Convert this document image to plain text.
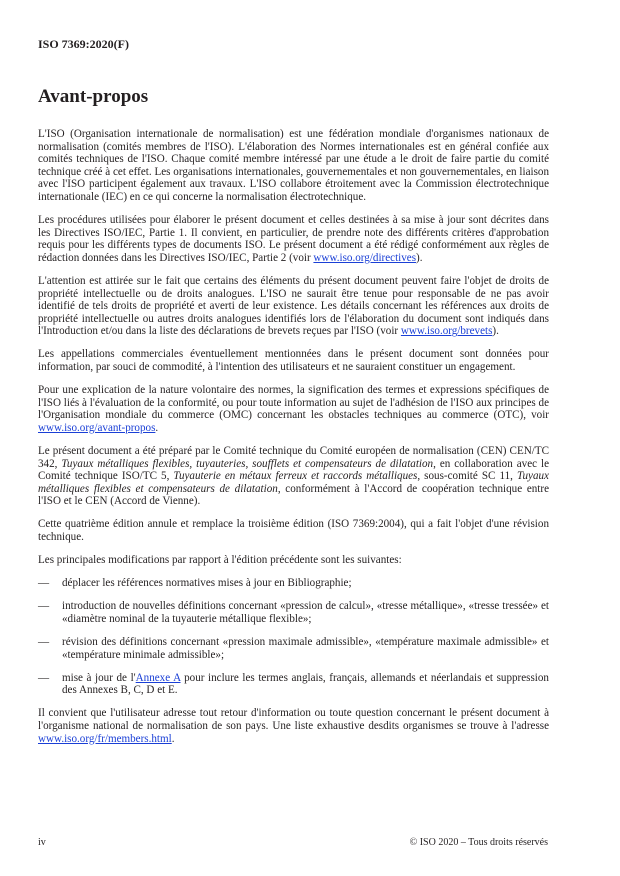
ISO 7369:2020(F)
Avant-propos

L'ISO (Organisation internationale de normalisation) est une fédération mondiale d'organismes nationaux de normalisation (comités membres de l'ISO). L'élaboration des Normes internationales est en général confiée aux comités techniques de l'ISO. Chaque comité membre intéressé par une étude a le droit de faire partie du comité technique créé à cet effet. Les organisations internationales, gouvernementales et non gouvernementales, en liaison avec l'ISO participent également aux travaux. L'ISO collabore étroitement avec la Commission électrotechnique internationale (IEC) en ce qui concerne la normalisation électrotechnique.

Les procédures utilisées pour élaborer le présent document et celles destinées à sa mise à jour sont décrites dans les Directives ISO/IEC, Partie 1. Il convient, en particulier, de prendre note des différents critères d'approbation requis pour les différents types de documents ISO. Le présent document a été rédigé conformément aux règles de rédaction données dans les Directives ISO/IEC, Partie 2 (voir www.iso.org/directives).

L'attention est attirée sur le fait que certains des éléments du présent document peuvent faire l'objet de droits de propriété intellectuelle ou de droits analogues. L'ISO ne saurait être tenue pour responsable de ne pas avoir identifié de tels droits de propriété et averti de leur existence. Les détails concernant les références aux droits de propriété intellectuelle ou autres droits analogues identifiés lors de l'élaboration du document sont indiqués dans l'Introduction et/ou dans la liste des déclarations de brevets reçues par l'ISO (voir www.iso.org/brevets).

Les appellations commerciales éventuellement mentionnées dans le présent document sont données pour information, par souci de commodité, à l'intention des utilisateurs et ne sauraient constituer un engagement.

Pour une explication de la nature volontaire des normes, la signification des termes et expressions spécifiques de l'ISO liés à l'évaluation de la conformité, ou pour toute information au sujet de l'adhésion de l'ISO aux principes de l'Organisation mondiale du commerce (OMC) concernant les obstacles techniques au commerce (OTC), voir www.iso.org/avant-propos.

Le présent document a été préparé par le Comité technique du Comité européen de normalisation (CEN) CEN/TC 342, Tuyaux métalliques flexibles, tuyauteries, soufflets et compensateurs de dilatation, en collaboration avec le Comité technique ISO/TC 5, Tuyauterie en métaux ferreux et raccords métalliques, sous-comité SC 11, Tuyaux métalliques flexibles et compensateurs de dilatation, conformément à l'Accord de coopération technique entre l'ISO et le CEN (Accord de Vienne).

Cette quatrième édition annule et remplace la troisième édition (ISO 7369:2004), qui a fait l'objet d'une révision technique.

Les principales modifications par rapport à l'édition précédente sont les suivantes:

—	déplacer les références normatives mises à jour en Bibliographie;
—	introduction de nouvelles définitions concernant «pression de calcul», «tresse métallique», «tresse tressée» et «diamètre nominal de la tuyauterie métallique flexible»;
—	révision des définitions concernant «pression maximale admissible», «température maximale admissible» et «température minimale admissible»;
—	mise à jour de l'Annexe A pour inclure les termes anglais, français, allemands et néerlandais et suppression des Annexes B, C, D et E.

Il convient que l'utilisateur adresse tout retour d'information ou toute question concernant le présent document à l'organisme national de normalisation de son pays. Une liste exhaustive desdits organismes se trouve à l'adresse www.iso.org/fr/members.html.

iv	© ISO 2020 – Tous droits réservés
